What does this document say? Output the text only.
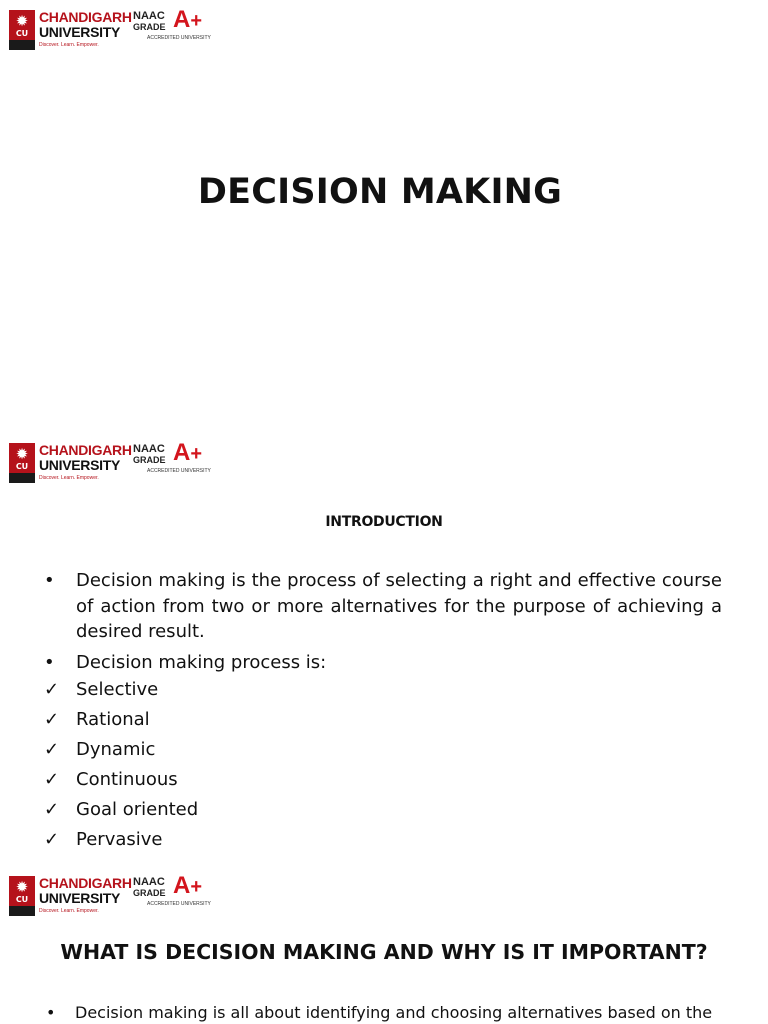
✹
CU
CHANDIGARH
UNIVERSITY
Discover. Learn. Empower.
NAAC
GRADE A+
ACCREDITED UNIVERSITY
DECISION MAKING
✹
CU
CHANDIGARH
UNIVERSITY
Discover. Learn. Empower.
NAAC
GRADE A+
ACCREDITED UNIVERSITY
INTRODUCTION
•	Decision making is the process of selecting a right and effective course of action from two or more alternatives for the purpose of achieving a desired result.
•	Decision making process is:
✓ Selective
✓ Rational
✓ Dynamic
✓ Continuous
✓ Goal oriented
✓ Pervasive
✹
CU
CHANDIGARH
UNIVERSITY
Discover. Learn. Empower.
NAAC
GRADE A+
ACCREDITED UNIVERSITY
WHAT IS DECISION MAKING AND WHY IS IT IMPORTANT?
• Decision making is all about identifying and choosing alternatives based on the
